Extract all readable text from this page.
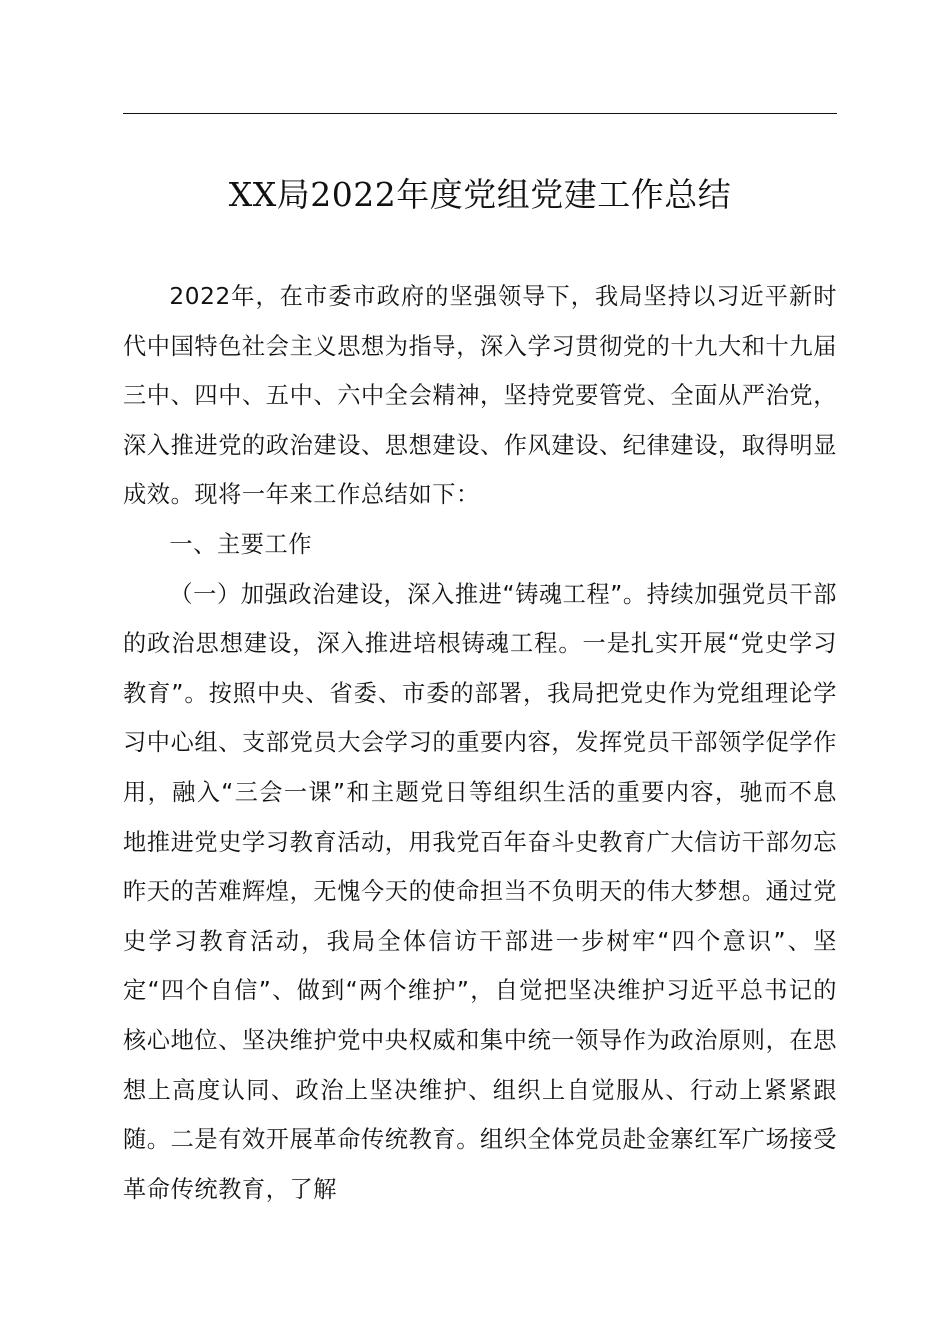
XX局2022年度党组党建工作总结

2022年，在市委市政府的坚强领导下，我局坚持以习近平新时代中国特色社会主义思想为指导，深入学习贯彻党的十九大和十九届三中、四中、五中、六中全会精神，坚持党要管党、全面从严治党，深入推进党的政治建设、思想建设、作风建设、纪律建设，取得明显成效。现将一年来工作总结如下：

一、主要工作

（一）加强政治建设，深入推进“铸魂工程”。持续加强党员干部的政治思想建设，深入推进培根铸魂工程。一是扎实开展“党史学习教育”。按照中央、省委、市委的部署，我局把党史作为党组理论学习中心组、支部党员大会学习的重要内容，发挥党员干部领学促学作用，融入“三会一课”和主题党日等组织生活的重要内容，驰而不息地推进党史学习教育活动，用我党百年奋斗史教育广大信访干部勿忘昨天的苦难辉煌，无愧今天的使命担当不负明天的伟大梦想。通过党史学习教育活动，我局全体信访干部进一步树牢“四个意识”、坚定“四个自信”、做到“两个维护”，自觉把坚决维护习近平总书记的核心地位、坚决维护党中央权威和集中统一领导作为政治原则，在思想上高度认同、政治上坚决维护、组织上自觉服从、行动上紧紧跟随。二是有效开展革命传统教育。组织全体党员赴金寨红军广场接受革命传统教育，了解
